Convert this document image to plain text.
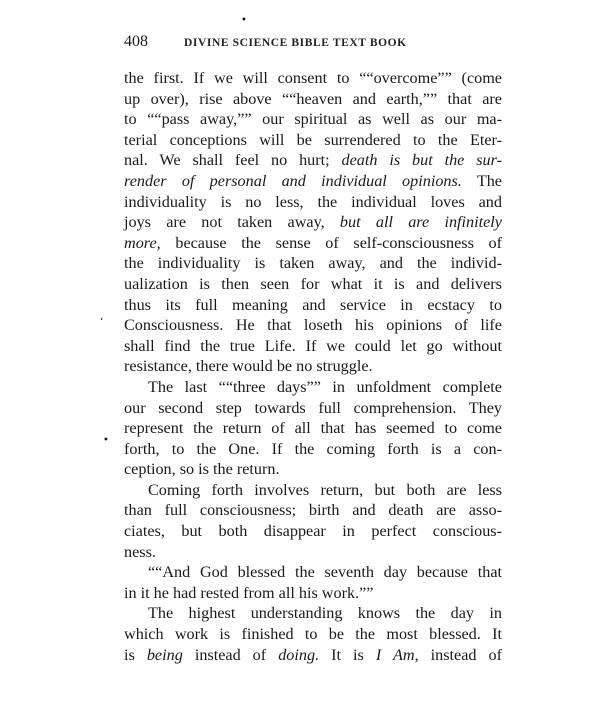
•
ʻ
•
408	DIVINE SCIENCE BIBLE TEXT BOOK
the first. If we will consent to ““overcome”” (come
up over), rise above ““heaven and earth,”” that are
to ““pass away,”” our spiritual as well as our ma-
terial conceptions will be surrendered to the Eter-
nal. We shall feel no hurt; death is but the sur-
render of personal and individual opinions. The
individuality is no less, the individual loves and
joys are not taken away, but all are infinitely
more, because the sense of self-consciousness of
the individuality is taken away, and the individ-
ualization is then seen for what it is and delivers
thus its full meaning and service in ecstacy to
Consciousness. He that loseth his opinions of life
shall find the true Life. If we could let go without
resistance, there would be no struggle.
The last ““three days”” in unfoldment complete
our second step towards full comprehension. They
represent the return of all that has seemed to come
forth, to the One. If the coming forth is a con-
ception, so is the return.
Coming forth involves return, but both are less
than full consciousness; birth and death are asso-
ciates, but both disappear in perfect conscious-
ness.
““And God blessed the seventh day because that
in it he had rested from all his work.””
The highest understanding knows the day in
which work is finished to be the most blessed. It
is being instead of doing. It is I Am, instead of
